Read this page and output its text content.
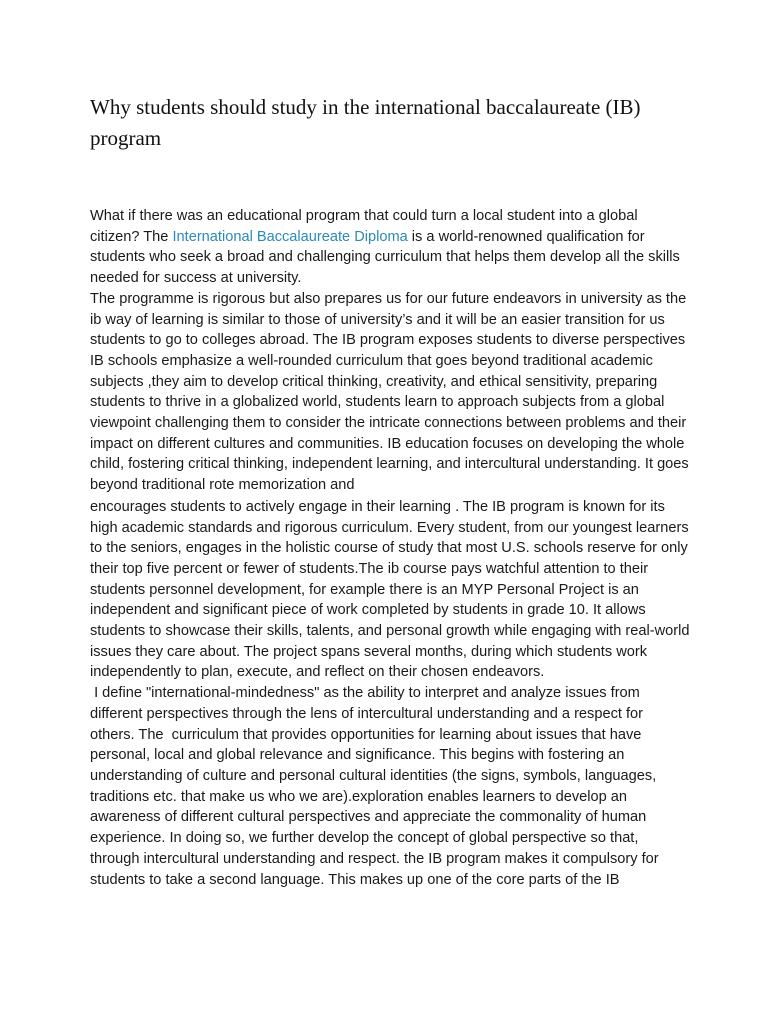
Why students should study in the international baccalaureate (IB) program

What if there was an educational program that could turn a local student into a global citizen? The International Baccalaureate Diploma is a world-renowned qualification for students who seek a broad and challenging curriculum that helps them develop all the skills needed for success at university.

The programme is rigorous but also prepares us for our future endeavors in university as the ib way of learning is similar to those of university’s and it will be an easier transition for us students to go to colleges abroad. The IB program exposes students to diverse perspectives IB schools emphasize a well-rounded curriculum that goes beyond traditional academic subjects ,they aim to develop critical thinking, creativity, and ethical sensitivity, preparing students to thrive in a globalized world, students learn to approach subjects from a global viewpoint challenging them to consider the intricate connections between problems and their impact on different cultures and communities. IB education focuses on developing the whole child, fostering critical thinking, independent learning, and intercultural understanding. It goes beyond traditional rote memorization and

encourages students to actively engage in their learning . The IB program is known for its high academic standards and rigorous curriculum. Every student, from our youngest learners to the seniors, engages in the holistic course of study that most U.S. schools reserve for only their top five percent or fewer of students.The ib course pays watchful attention to their students personnel development, for example there is an MYP Personal Project is an independent and significant piece of work completed by students in grade 10. It allows students to showcase their skills, talents, and personal growth while engaging with real-world issues they care about. The project spans several months, during which students work independently to plan, execute, and reflect on their chosen endeavors.

I define "international-mindedness" as the ability to interpret and analyze issues from different perspectives through the lens of intercultural understanding and a respect for others. The  curriculum that provides opportunities for learning about issues that have personal, local and global relevance and significance. This begins with fostering an understanding of culture and personal cultural identities (the signs, symbols, languages, traditions etc. that make us who we are).exploration enables learners to develop an awareness of different cultural perspectives and appreciate the commonality of human experience. In doing so, we further develop the concept of global perspective so that, through intercultural understanding and respect. the IB program makes it compulsory for students to take a second language. This makes up one of the core parts of the IB
